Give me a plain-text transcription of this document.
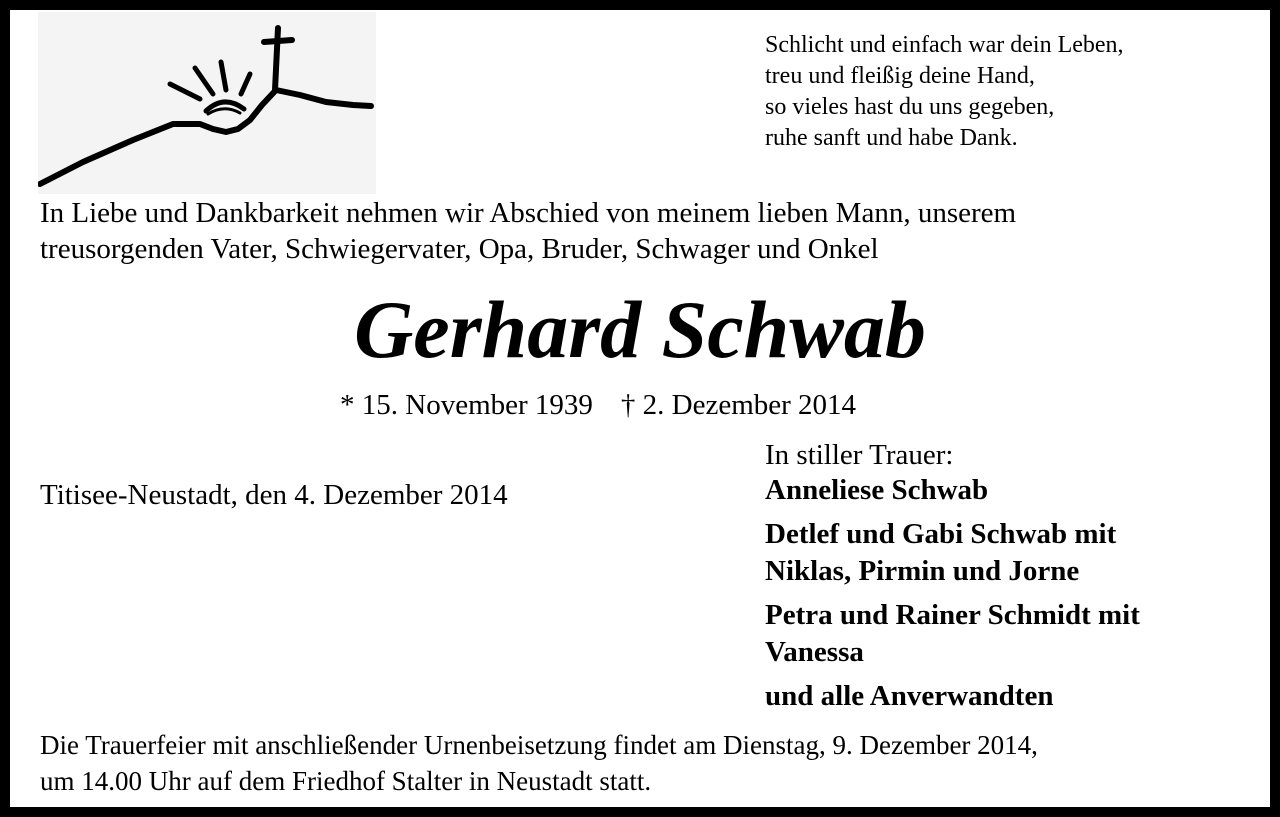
Schlicht und einfach war dein Leben,
treu und fleißig deine Hand,
so vieles hast du uns gegeben,
ruhe sanft und habe Dank.
In Liebe und Dankbarkeit nehmen wir Abschied von meinem lieben Mann, unserem
treusorgenden Vater, Schwiegervater, Opa, Bruder, Schwager und Onkel
Gerhard Schwab
* 15. November 1939 † 2. Dezember 2014
Titisee-Neustadt, den 4. Dezember 2014
In stiller Trauer:
Anneliese Schwab
Detlef und Gabi Schwab mit
Niklas, Pirmin und Jorne
Petra und Rainer Schmidt mit
Vanessa
und alle Anverwandten
Die Trauerfeier mit anschließender Urnenbeisetzung findet am Dienstag, 9. Dezember 2014,
um 14.00 Uhr auf dem Friedhof Stalter in Neustadt statt.
